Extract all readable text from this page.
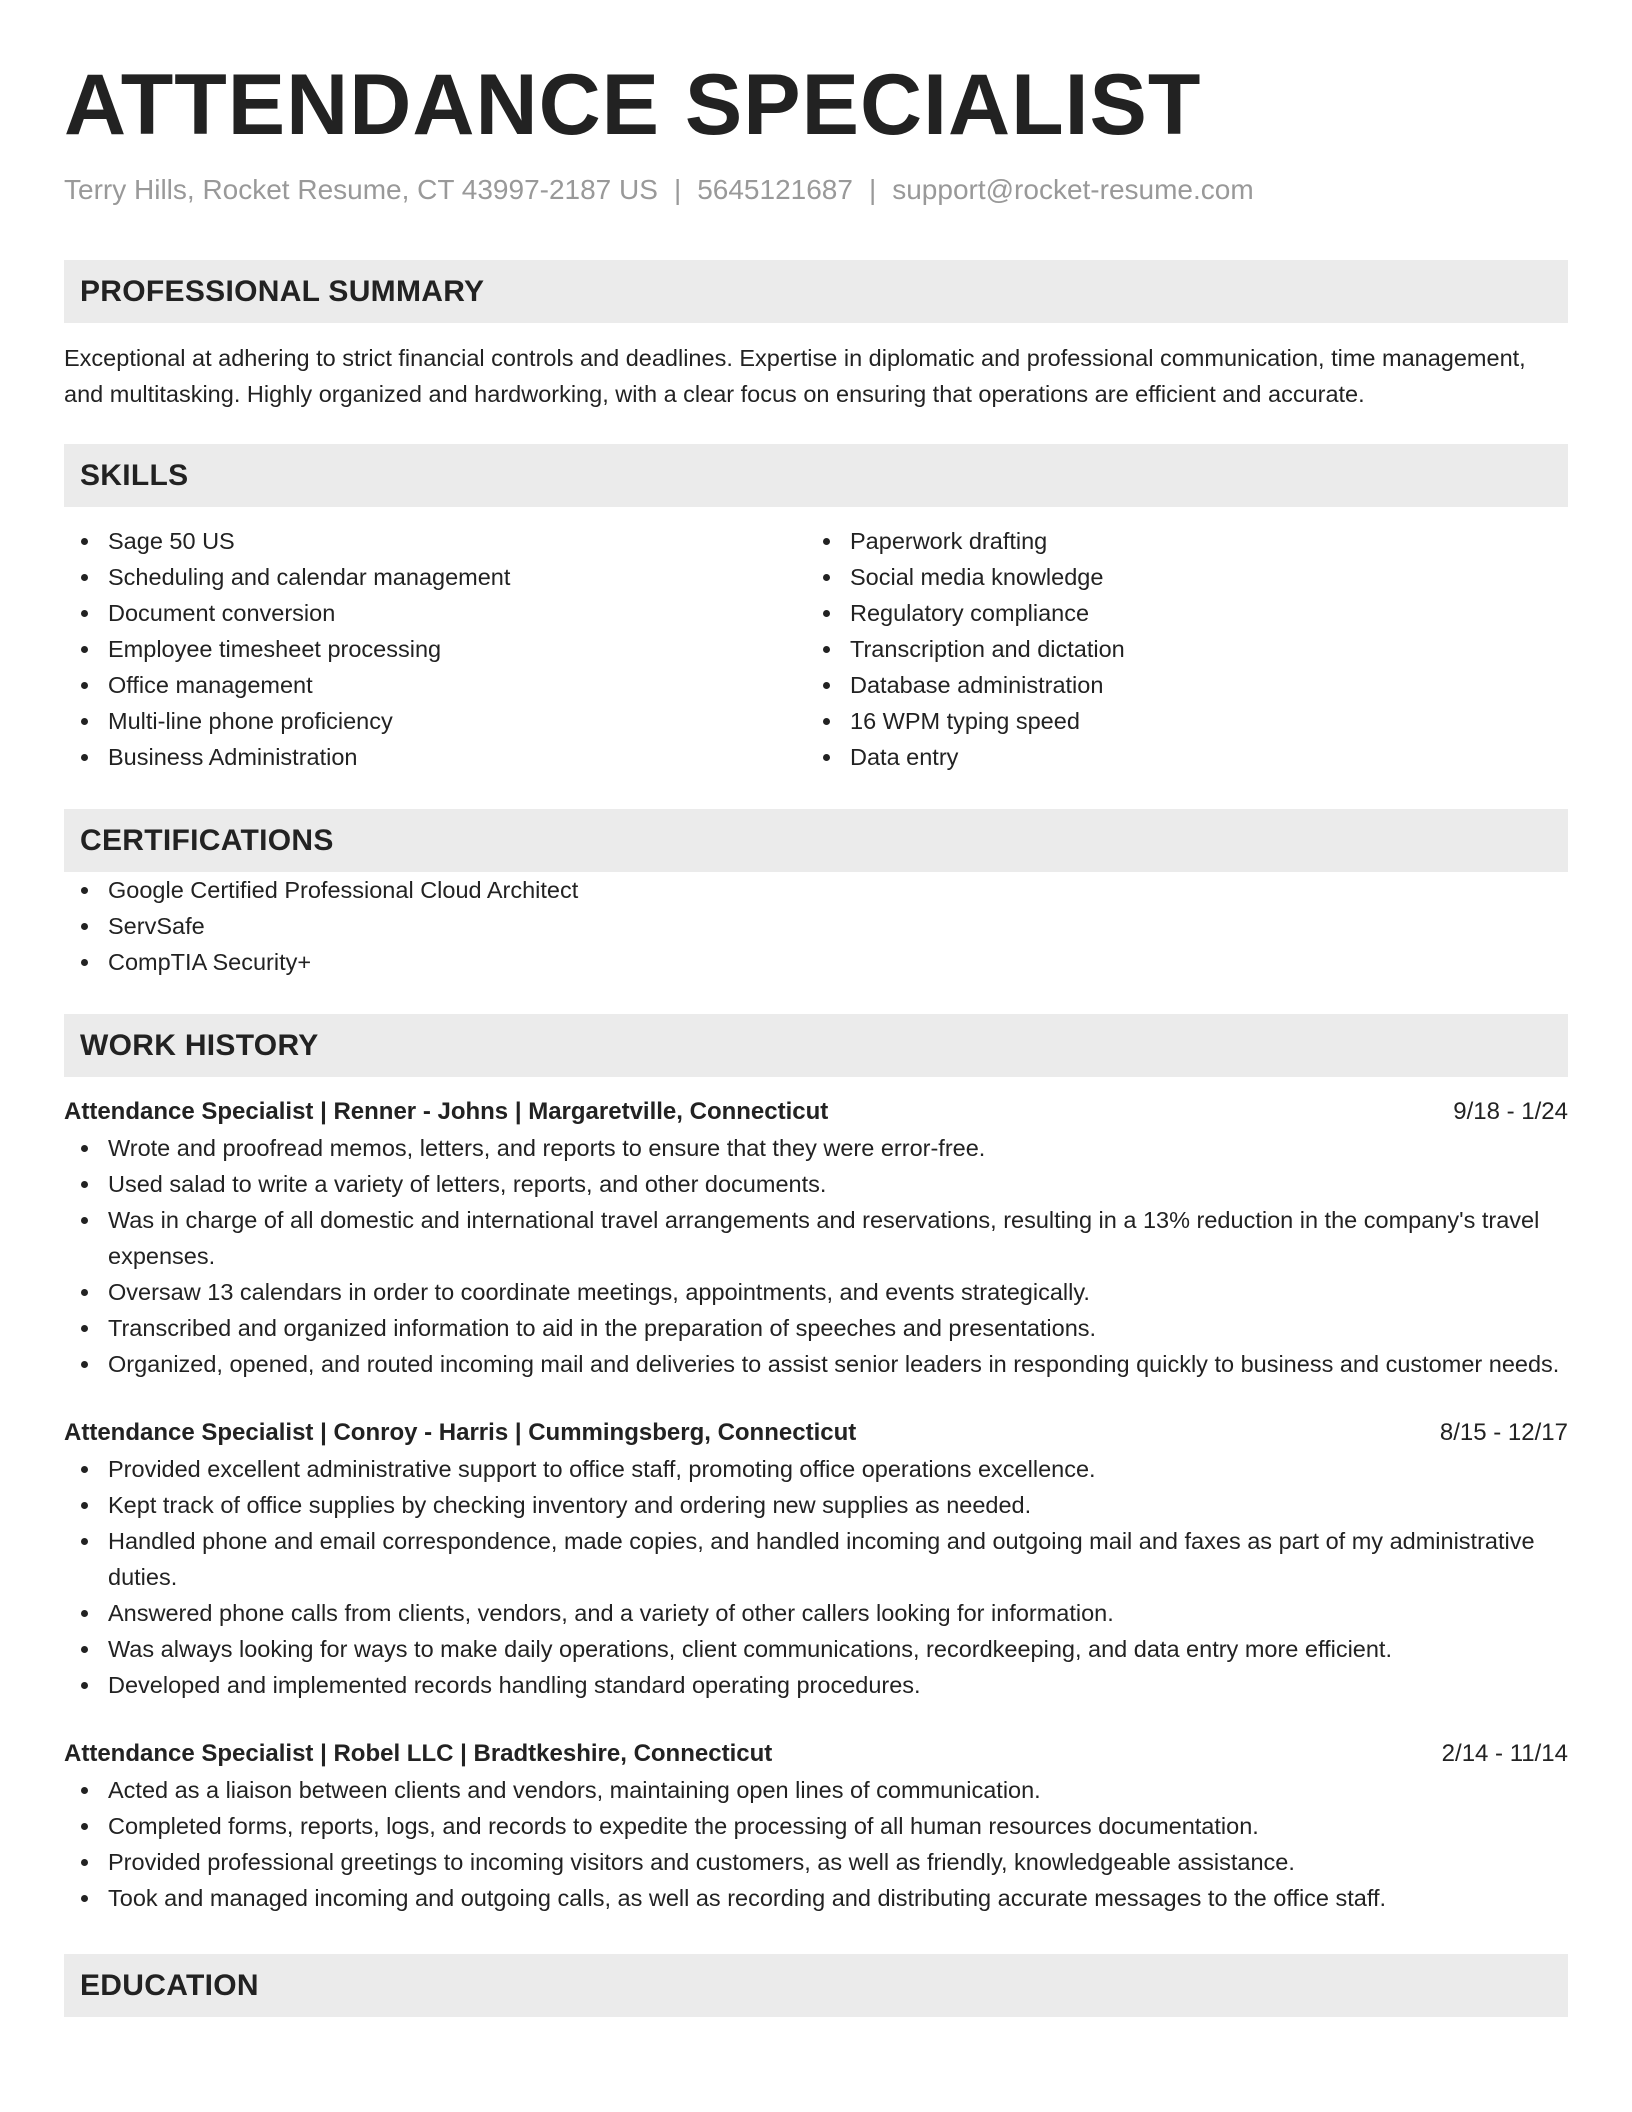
ATTENDANCE SPECIALIST
Terry Hills, Rocket Resume, CT 43997-2187 US | 5645121687 | support@rocket-resume.com
PROFESSIONAL SUMMARY

Exceptional at adhering to strict financial controls and deadlines. Expertise in diplomatic and professional communication, time management, and multitasking. Highly organized and hardworking, with a clear focus on ensuring that operations are efficient and accurate.

SKILLS
Sage 50 US
Scheduling and calendar management
Document conversion
Employee timesheet processing
Office management
Multi-line phone proficiency
Business Administration
Paperwork drafting
Social media knowledge
Regulatory compliance
Transcription and dictation
Database administration
16 WPM typing speed
Data entry
CERTIFICATIONS
Google Certified Professional Cloud Architect
ServSafe
CompTIA Security+
WORK HISTORY
Attendance Specialist | Renner - Johns | Margaretville, Connecticut	9/18 - 1/24
Wrote and proofread memos, letters, and reports to ensure that they were error-free.
Used salad to write a variety of letters, reports, and other documents.
Was in charge of all domestic and international travel arrangements and reservations, resulting in a 13% reduction in the company's travel expenses.
Oversaw 13 calendars in order to coordinate meetings, appointments, and events strategically.
Transcribed and organized information to aid in the preparation of speeches and presentations.
Organized, opened, and routed incoming mail and deliveries to assist senior leaders in responding quickly to business and customer needs.
Attendance Specialist | Conroy - Harris | Cummingsberg, Connecticut	8/15 - 12/17
Provided excellent administrative support to office staff, promoting office operations excellence.
Kept track of office supplies by checking inventory and ordering new supplies as needed.
Handled phone and email correspondence, made copies, and handled incoming and outgoing mail and faxes as part of my administrative duties.
Answered phone calls from clients, vendors, and a variety of other callers looking for information.
Was always looking for ways to make daily operations, client communications, recordkeeping, and data entry more efficient.
Developed and implemented records handling standard operating procedures.
Attendance Specialist | Robel LLC | Bradtkeshire, Connecticut	2/14 - 11/14
Acted as a liaison between clients and vendors, maintaining open lines of communication.
Completed forms, reports, logs, and records to expedite the processing of all human resources documentation.
Provided professional greetings to incoming visitors and customers, as well as friendly, knowledgeable assistance.
Took and managed incoming and outgoing calls, as well as recording and distributing accurate messages to the office staff.
EDUCATION
